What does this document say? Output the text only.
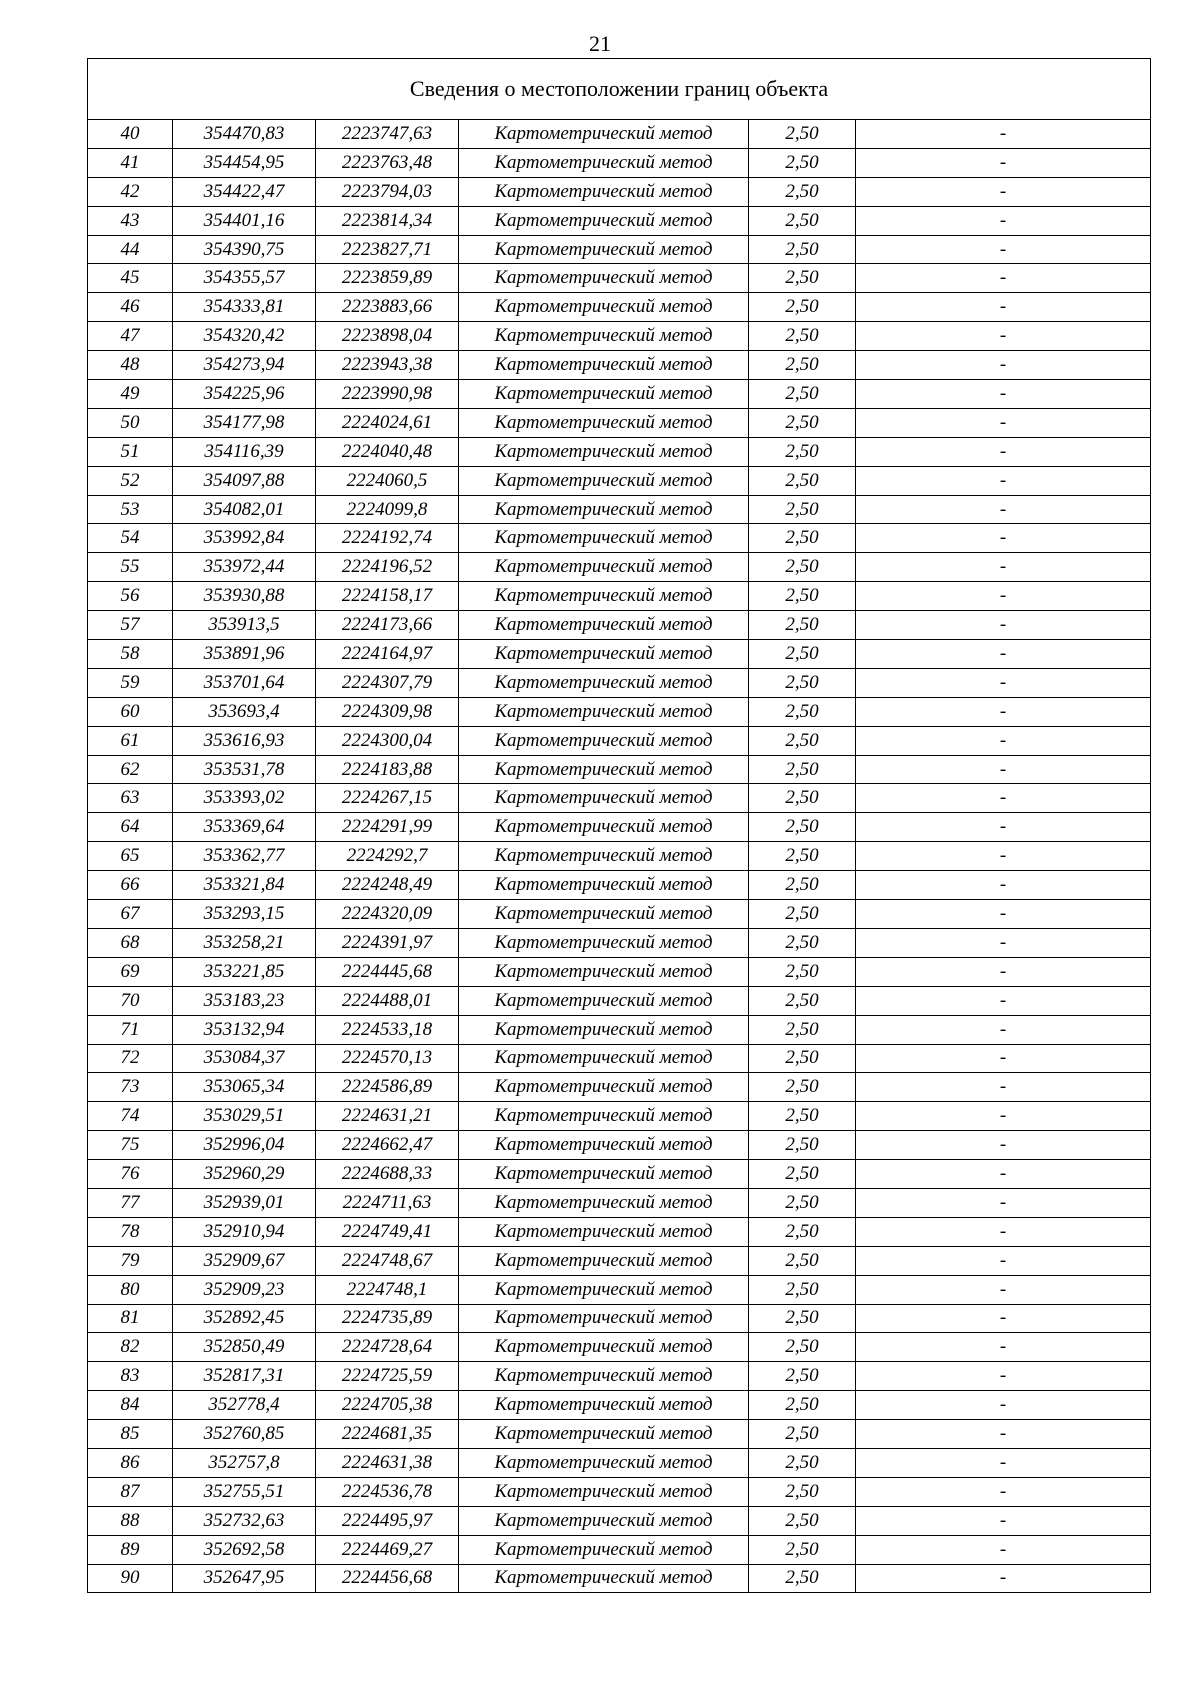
21
Сведения о местоположении границ объекта					
40	354470,83	2223747,63	Картометрический метод	2,50	-
41	354454,95	2223763,48	Картометрический метод	2,50	-
42	354422,47	2223794,03	Картометрический метод	2,50	-
43	354401,16	2223814,34	Картометрический метод	2,50	-
44	354390,75	2223827,71	Картометрический метод	2,50	-
45	354355,57	2223859,89	Картометрический метод	2,50	-
46	354333,81	2223883,66	Картометрический метод	2,50	-
47	354320,42	2223898,04	Картометрический метод	2,50	-
48	354273,94	2223943,38	Картометрический метод	2,50	-
49	354225,96	2223990,98	Картометрический метод	2,50	-
50	354177,98	2224024,61	Картометрический метод	2,50	-
51	354116,39	2224040,48	Картометрический метод	2,50	-
52	354097,88	2224060,5	Картометрический метод	2,50	-
53	354082,01	2224099,8	Картометрический метод	2,50	-
54	353992,84	2224192,74	Картометрический метод	2,50	-
55	353972,44	2224196,52	Картометрический метод	2,50	-
56	353930,88	2224158,17	Картометрический метод	2,50	-
57	353913,5	2224173,66	Картометрический метод	2,50	-
58	353891,96	2224164,97	Картометрический метод	2,50	-
59	353701,64	2224307,79	Картометрический метод	2,50	-
60	353693,4	2224309,98	Картометрический метод	2,50	-
61	353616,93	2224300,04	Картометрический метод	2,50	-
62	353531,78	2224183,88	Картометрический метод	2,50	-
63	353393,02	2224267,15	Картометрический метод	2,50	-
64	353369,64	2224291,99	Картометрический метод	2,50	-
65	353362,77	2224292,7	Картометрический метод	2,50	-
66	353321,84	2224248,49	Картометрический метод	2,50	-
67	353293,15	2224320,09	Картометрический метод	2,50	-
68	353258,21	2224391,97	Картометрический метод	2,50	-
69	353221,85	2224445,68	Картометрический метод	2,50	-
70	353183,23	2224488,01	Картометрический метод	2,50	-
71	353132,94	2224533,18	Картометрический метод	2,50	-
72	353084,37	2224570,13	Картометрический метод	2,50	-
73	353065,34	2224586,89	Картометрический метод	2,50	-
74	353029,51	2224631,21	Картометрический метод	2,50	-
75	352996,04	2224662,47	Картометрический метод	2,50	-
76	352960,29	2224688,33	Картометрический метод	2,50	-
77	352939,01	2224711,63	Картометрический метод	2,50	-
78	352910,94	2224749,41	Картометрический метод	2,50	-
79	352909,67	2224748,67	Картометрический метод	2,50	-
80	352909,23	2224748,1	Картометрический метод	2,50	-
81	352892,45	2224735,89	Картометрический метод	2,50	-
82	352850,49	2224728,64	Картометрический метод	2,50	-
83	352817,31	2224725,59	Картометрический метод	2,50	-
84	352778,4	2224705,38	Картометрический метод	2,50	-
85	352760,85	2224681,35	Картометрический метод	2,50	-
86	352757,8	2224631,38	Картометрический метод	2,50	-
87	352755,51	2224536,78	Картометрический метод	2,50	-
88	352732,63	2224495,97	Картометрический метод	2,50	-
89	352692,58	2224469,27	Картометрический метод	2,50	-
90	352647,95	2224456,68	Картометрический метод	2,50	-
